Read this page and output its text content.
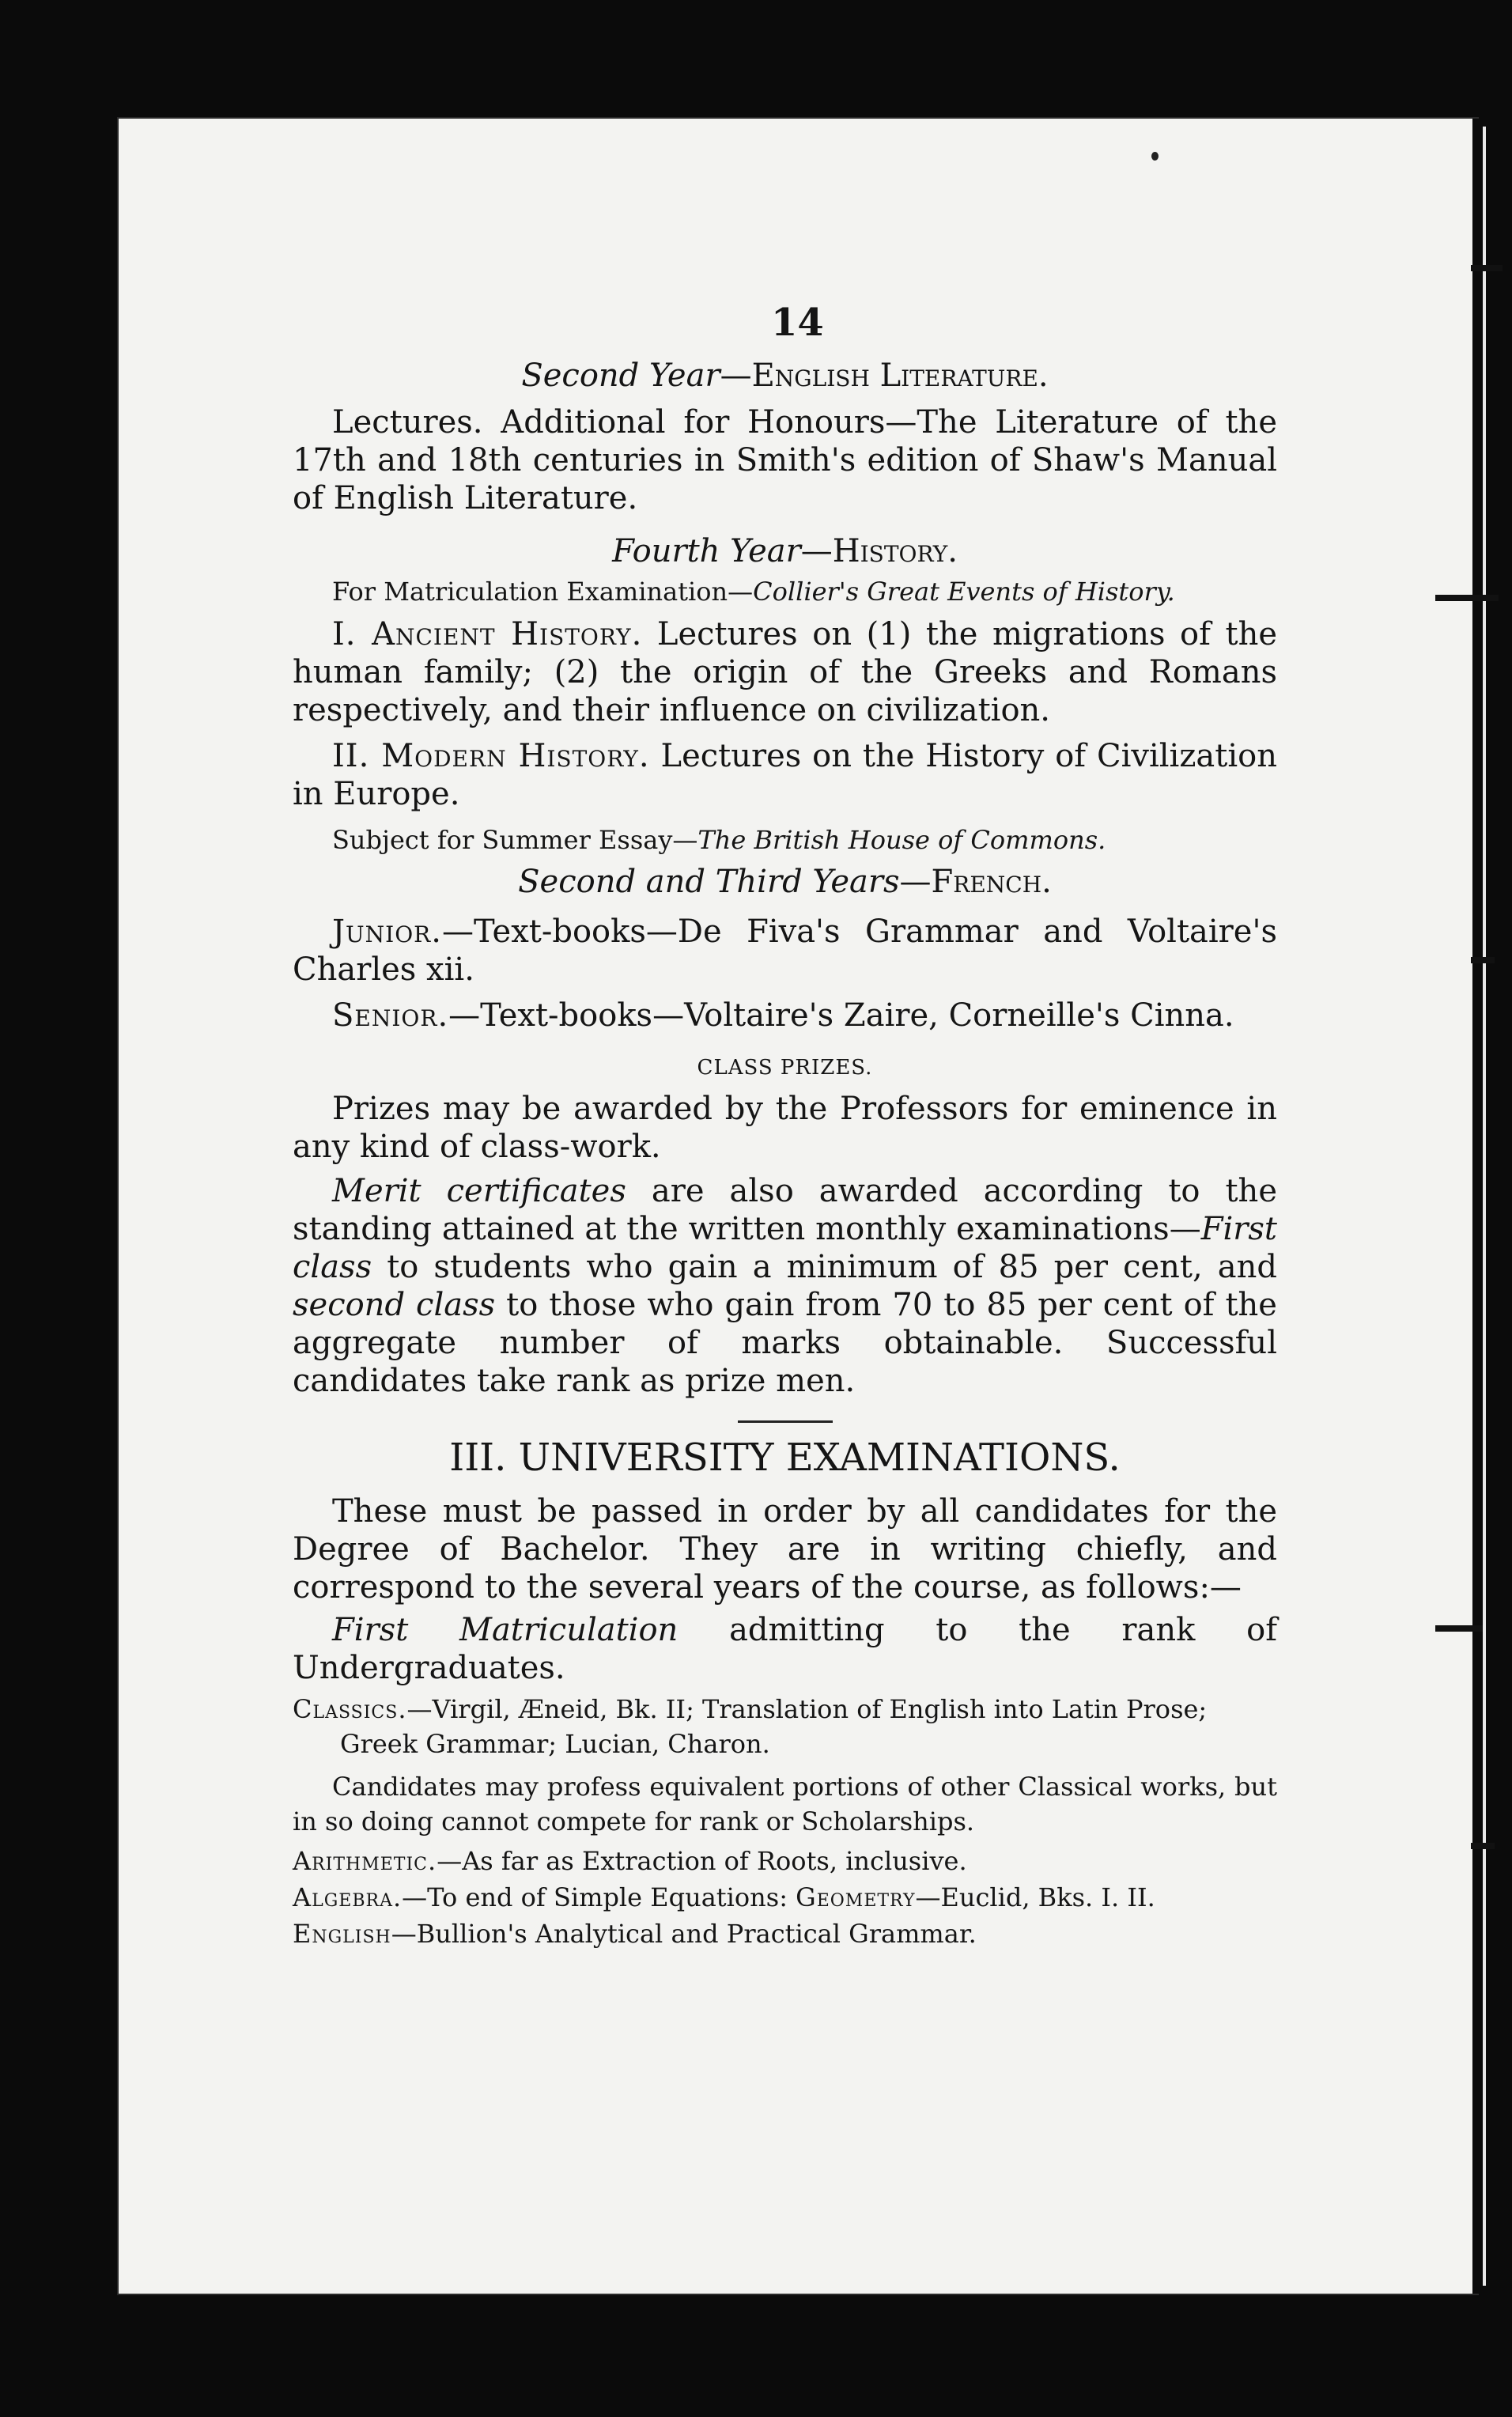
14

Second Year—English Literature.

Lectures. Additional for Honours—The Literature of the 17th and 18th centuries in Smith's edition of Shaw's Manual of English Literature.

Fourth Year—History.

For Matriculation Examination—Collier's Great Events of History.

I. Ancient History. Lectures on (1) the migrations of the human family; (2) the origin of the Greeks and Romans respectively, and their influence on civilization.

II. Modern History. Lectures on the History of Civilization in Europe.

Subject for Summer Essay—The British House of Commons.

Second and Third Years—French.

Junior.—Text-books—De Fiva's Grammar and Voltaire's Charles xii.

Senior.—Text-books—Voltaire's Zaire, Corneille's Cinna.

CLASS PRIZES.

Prizes may be awarded by the Professors for eminence in any kind of class-work.

Merit certificates are also awarded according to the standing attained at the written monthly examinations—First class to students who gain a minimum of 85 per cent, and second class to those who gain from 70 to 85 per cent of the aggregate number of marks obtainable. Successful candidates take rank as prize men.

III. UNIVERSITY EXAMINATIONS.

These must be passed in order by all candidates for the Degree of Bachelor. They are in writing chiefly, and correspond to the several years of the course, as follows:—

First Matriculation admitting to the rank of Undergraduates.

Classics.—Virgil, Æneid, Bk. II; Translation of English into Latin Prose; Greek Grammar; Lucian, Charon.

Candidates may profess equivalent portions of other Classical works, but in so doing cannot compete for rank or Scholarships.

Arithmetic.—As far as Extraction of Roots, inclusive.

Algebra.—To end of Simple Equations: Geometry—Euclid, Bks. I. II.

English—Bullion's Analytical and Practical Grammar.
